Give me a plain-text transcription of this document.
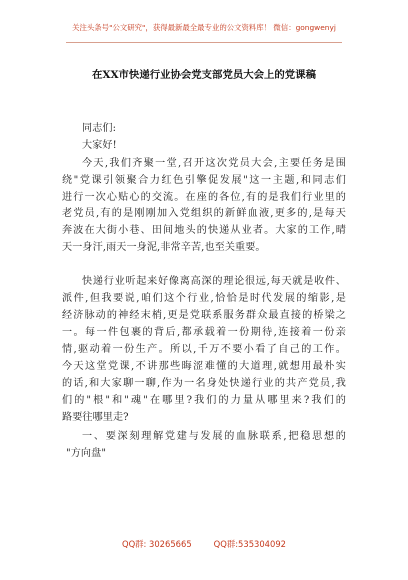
关注头条号"公文研究"，获得最新最全最专业的公文资料库！ 微信：gongwenyj
在XX市快递行业协会党支部党员大会上的党课稿
同志们:
大家好!
今天,我们齐聚一堂,召开这次党员大会,主要任务是围
绕"党课引领聚合力红色引擎促发展"这一主题,和同志们
进行一次心贴心的交流。在座的各位,有的是我们行业里的
老党员,有的是刚刚加入党组织的新鲜血液,更多的,是每天
奔波在大街小巷、田间地头的快递从业者。大家的工作,晴
天一身汗,雨天一身泥,非常辛苦,也至关重要。
快递行业听起来好像离高深的理论很远,每天就是收件、
派件,但我要说,咱们这个行业,恰恰是时代发展的缩影,是
经济脉动的神经末梢,更是党联系服务群众最直接的桥梁之
一。每一件包裹的背后,都承载着一份期待,连接着一份亲
情,驱动着一份生产。所以,千万不要小看了自己的工作。
今天这堂党课,不讲那些晦涩难懂的大道理,就想用最朴实
的话,和大家聊一聊,作为一名身处快递行业的共产党员,我
们的"根"和"魂"在哪里?我们的力量从哪里来?我们的
路要往哪里走?
一、要深刻理解党建与发展的血脉联系,把稳思想的
"方向盘"
QQ群: 30265665	QQ群:535304092
